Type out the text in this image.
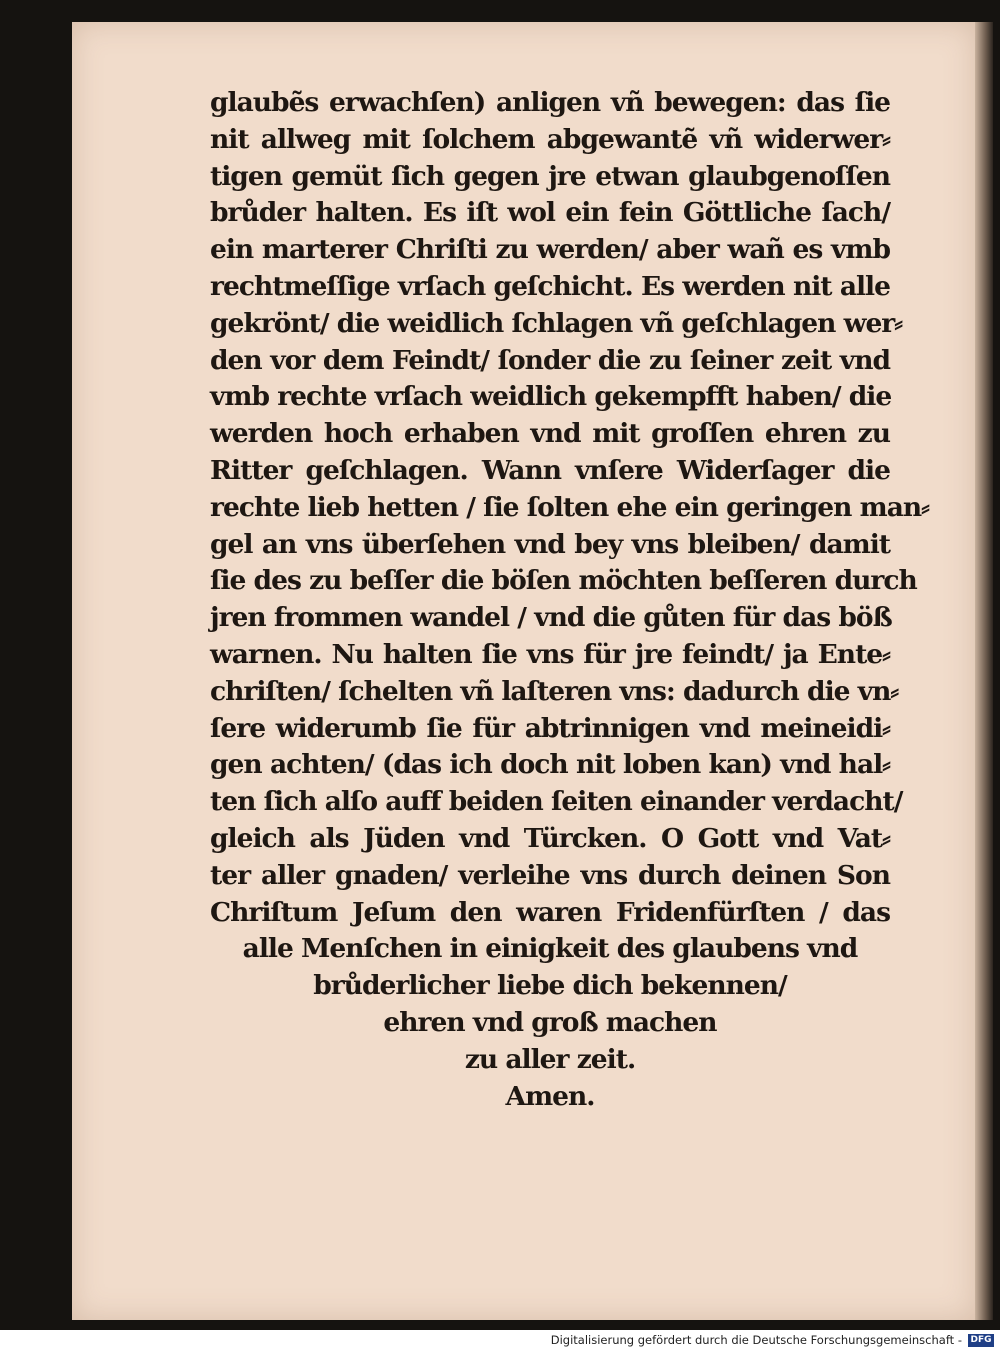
glaubẽs erwachſen) anligen vñ bewegen: das ſie
nit allweg mit ſolchem abgewantẽ vñ widerwer⸗
tigen gemüt ſich gegen jre etwan glaubgenoſſen
brůder halten. Es iſt wol ein fein Göttliche ſach/
ein marterer Chriſti zu werden/ aber wañ es vmb
rechtmeſſige vrſach geſchicht. Es werden nit alle
gekrönt/ die weidlich ſchlagen vñ geſchlagen wer⸗
den vor dem Feindt/ ſonder die zu ſeiner zeit vnd
vmb rechte vrſach weidlich gekempfft haben/ die
werden hoch erhaben vnd mit groſſen ehren zu
Ritter geſchlagen. Wann vnſere Widerſager die
rechte lieb hetten / ſie ſolten ehe ein geringen man⸗
gel an vns überſehen vnd bey vns bleiben/ damit
ſie des zu beſſer die böſen möchten beſſeren durch
jren frommen wandel / vnd die gůten für das böß
warnen. Nu halten ſie vns für jre feindt/ ja Ente⸗
chriſten/ ſchelten vñ laſteren vns: dadurch die vn⸗
ſere widerumb ſie für abtrinnigen vnd meineidi⸗
gen achten/ (das ich doch nit loben kan) vnd hal⸗
ten ſich alſo auff beiden ſeiten einander verdacht/
gleich als Jüden vnd Türcken. O Gott vnd Vat⸗
ter aller gnaden/ verleihe vns durch deinen Son
Chriſtum Jeſum den waren Fridenfürſten / das
alle Menſchen in einigkeit des glaubens vnd
brůderlicher liebe dich bekennen/
ehren vnd groß machen
zu aller zeit.
Amen.
Digitalisierung gefördert durch die Deutsche Forschungsgemeinschaft - DFG
